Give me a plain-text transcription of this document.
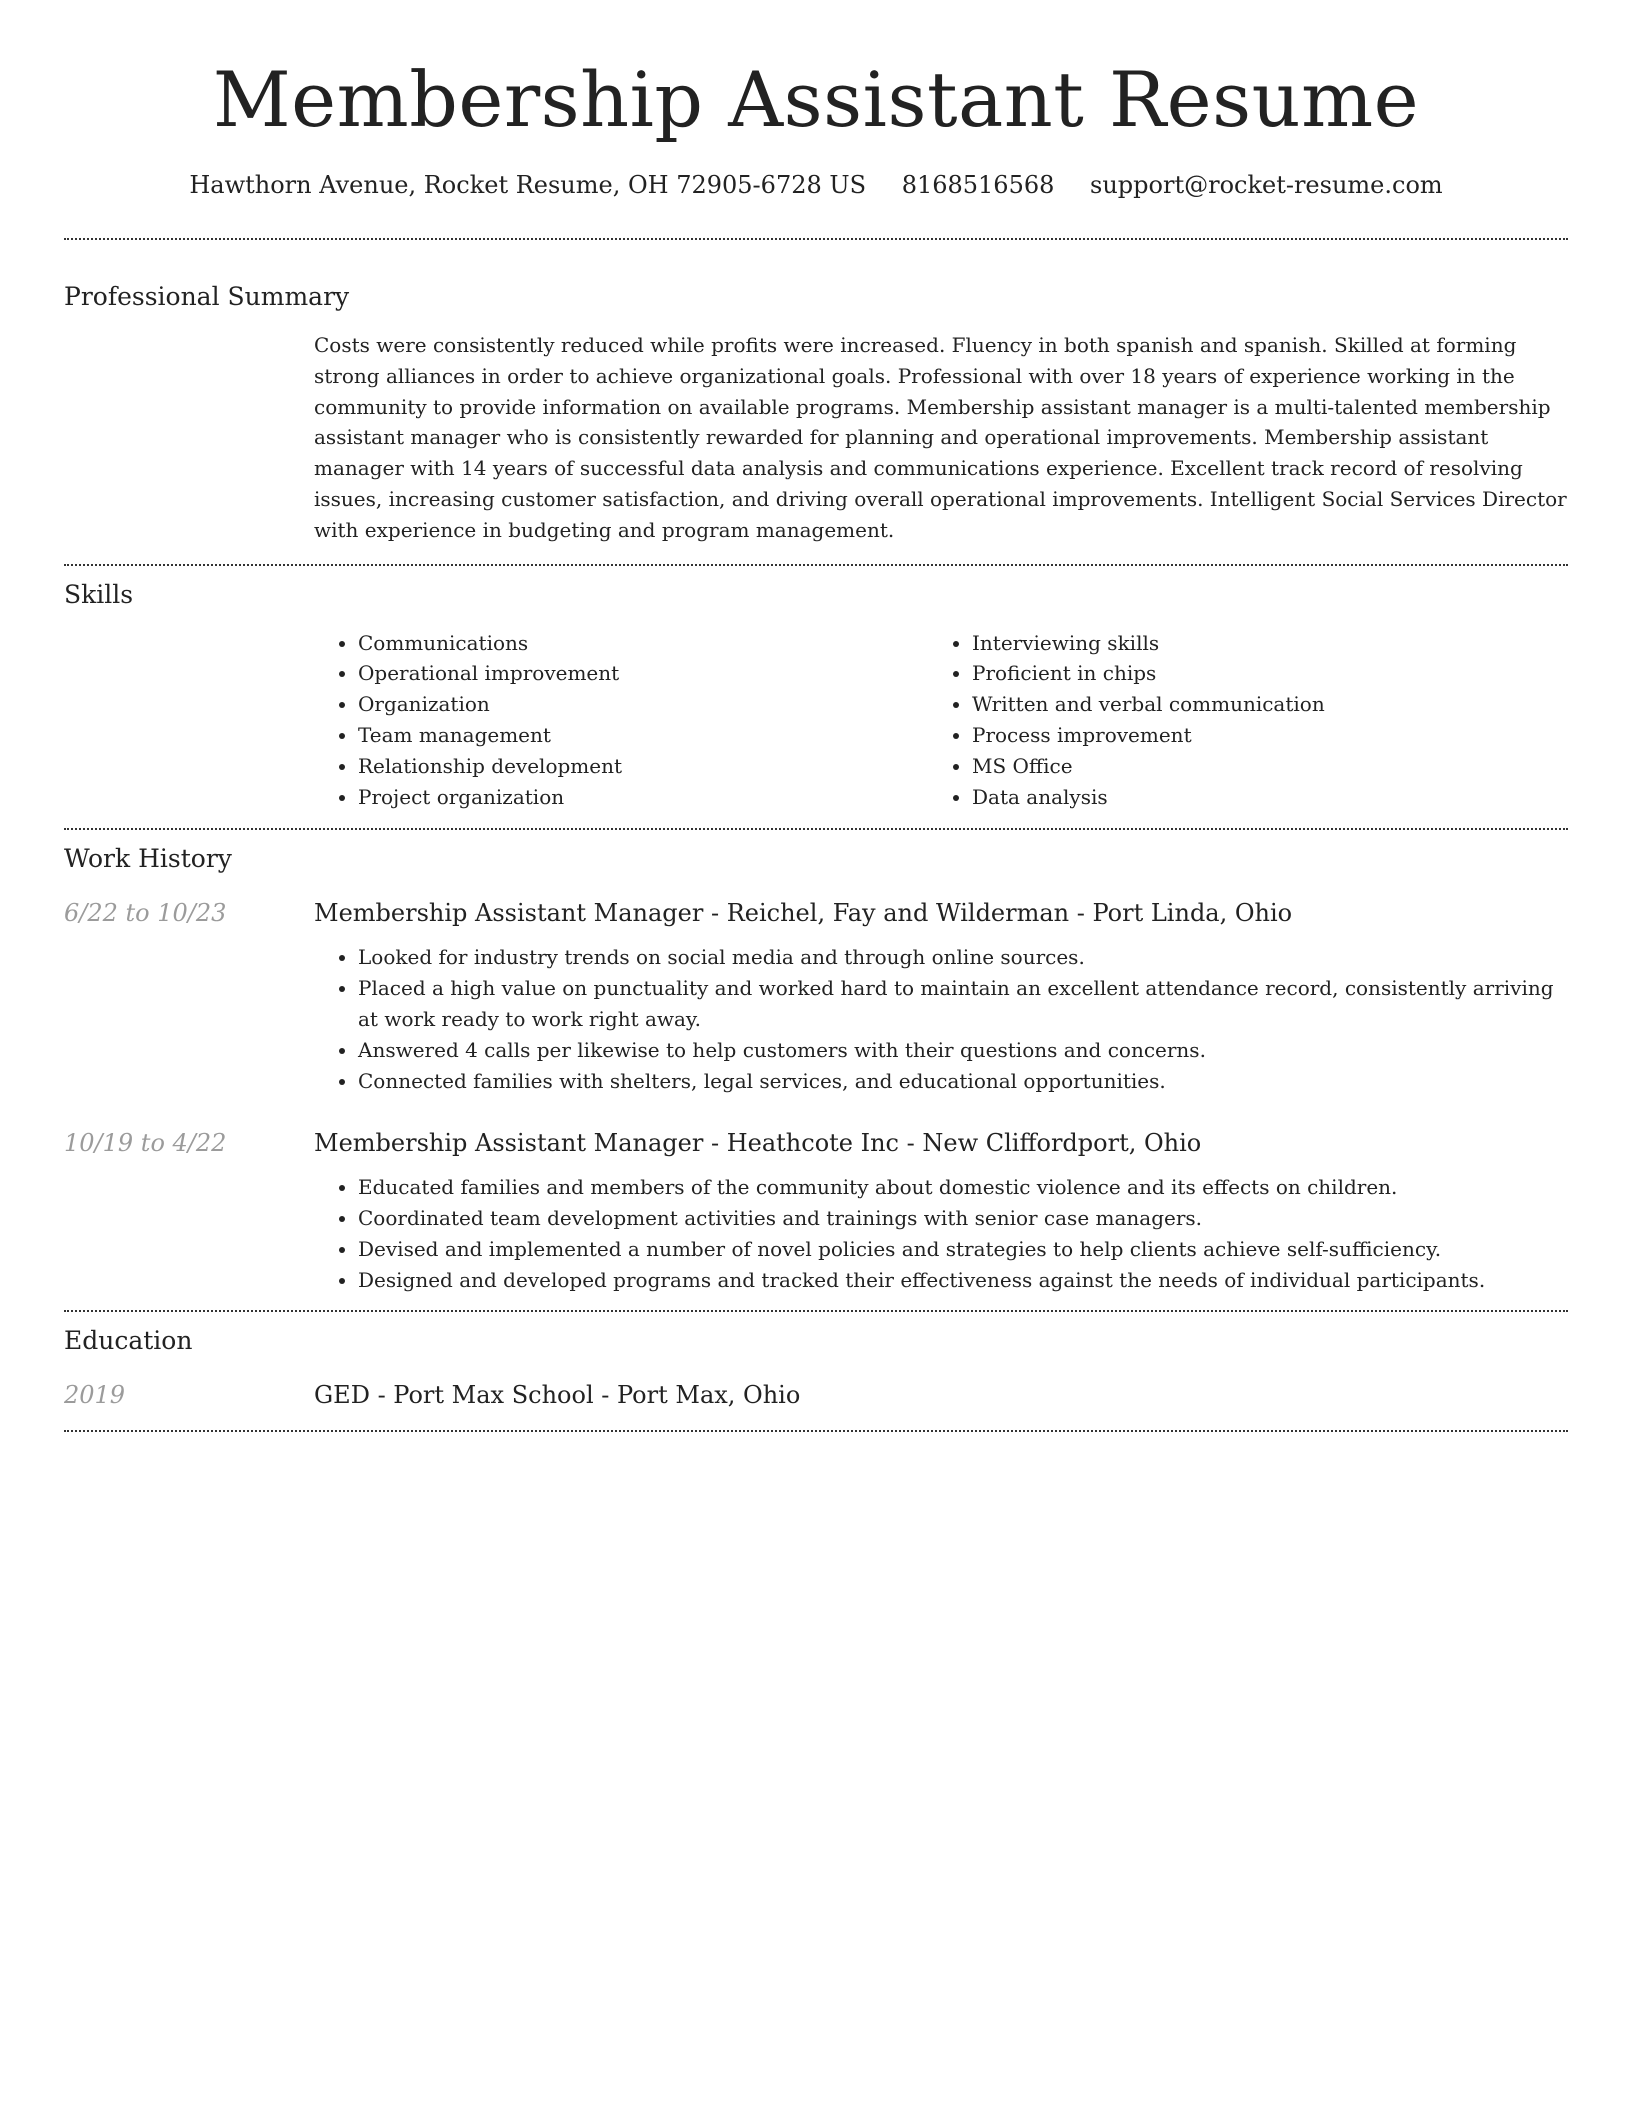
Membership Assistant Resume
Hawthorn Avenue, Rocket Resume, OH 72905-6728 US 8168516568 support@rocket-resume.com
Professional Summary

Costs were consistently reduced while profits were increased. Fluency in both spanish and spanish. Skilled at forming strong alliances in order to achieve organizational goals. Professional with over 18 years of experience working in the community to provide information on available programs. Membership assistant manager is a multi-talented membership assistant manager who is consistently rewarded for planning and operational improvements. Membership assistant manager with 14 years of successful data analysis and communications experience. Excellent track record of resolving issues, increasing customer satisfaction, and driving overall operational improvements. Intelligent Social Services Director with experience in budgeting and program management.

Skills
• Communications
• Operational improvement
• Organization
• Team management
• Relationship development
• Project organization
• Interviewing skills
• Proficient in chips
• Written and verbal communication
• Process improvement
• MS Office
• Data analysis
Work History
6/22 to 10/23	Membership Assistant Manager - Reichel, Fay and Wilderman - Port Linda, Ohio
• Looked for industry trends on social media and through online sources.
• Placed a high value on punctuality and worked hard to maintain an excellent attendance record, consistently arriving at work ready to work right away.
• Answered 4 calls per likewise to help customers with their questions and concerns.
• Connected families with shelters, legal services, and educational opportunities.
10/19 to 4/22	Membership Assistant Manager - Heathcote Inc - New Cliffordport, Ohio
• Educated families and members of the community about domestic violence and its effects on children.
• Coordinated team development activities and trainings with senior case managers.
• Devised and implemented a number of novel policies and strategies to help clients achieve self-sufficiency.
• Designed and developed programs and tracked their effectiveness against the needs of individual participants.
Education
2019	GED - Port Max School - Port Max, Ohio
